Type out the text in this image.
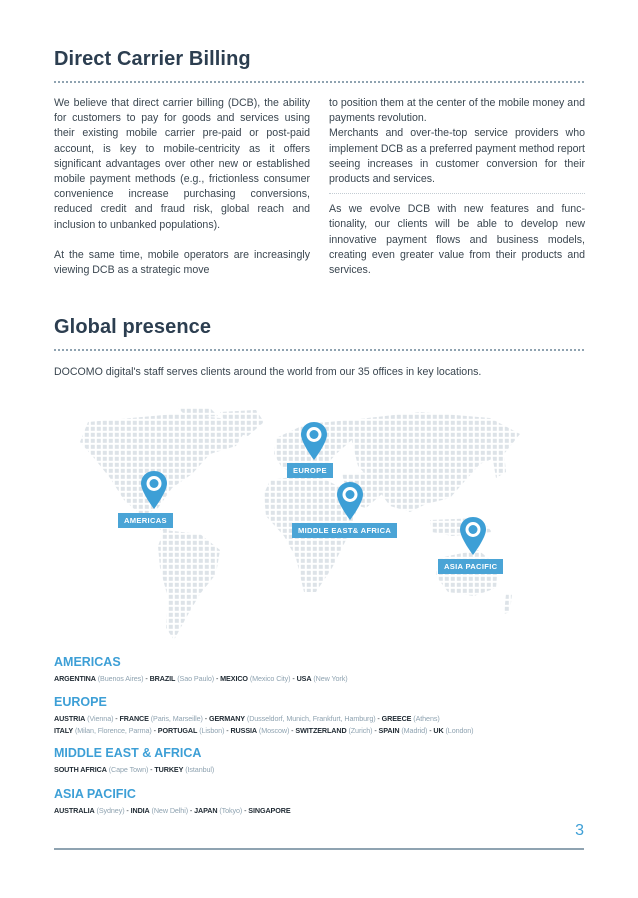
Direct Carrier Billing

We believe that direct carrier billing (DCB), the ability for customers to pay for goods and services using their existing mobile carrier pre-paid or post-paid account, is key to mobile-centricity as it offers significant advantages over other new or established mobile payment methods (e.g., frictionless consumer convenience increase purchasing conversions, reduced credit and fraud risk, global reach and inclusion to unbanked populations).

At the same time, mobile operators are increasingly viewing DCB as a strategic move

to position them at the center of the mobile money and payments revolution.

Merchants and over-the-top service providers who implement DCB as a preferred payment method report seeing increases in customer conversion for their products and services.

As we evolve DCB with new features and func-tionality, our clients will be able to develop new innovative payment flows and business models, creating even greater value from their products and services.

Global presence
DOCOMO digital's staff serves clients around the world from our 35 offices in key locations.
EUROPE
AMERICAS
MIDDLE EAST& AFRICA
ASIA PACIFIC
AMERICAS
ARGENTINA (Buenos Aires) - BRAZIL (Sao Paulo) - MEXICO (Mexico City) - USA (New York)
EUROPE
AUSTRIA (Vienna) - FRANCE (Paris, Marseille) - GERMANY (Dusseldorf, Munich, Frankfurt, Hamburg) - GREECE (Athens)
ITALY (Milan, Florence, Parma) - PORTUGAL (Lisbon) - RUSSIA (Moscow) - SWITZERLAND (Zurich) - SPAIN (Madrid) - UK (London)
MIDDLE EAST & AFRICA
SOUTH AFRICA (Cape Town) - TURKEY (Istanbul)
ASIA PACIFIC
AUSTRALIA (Sydney) - INDIA (New Delhi) - JAPAN (Tokyo) - SINGAPORE
3
